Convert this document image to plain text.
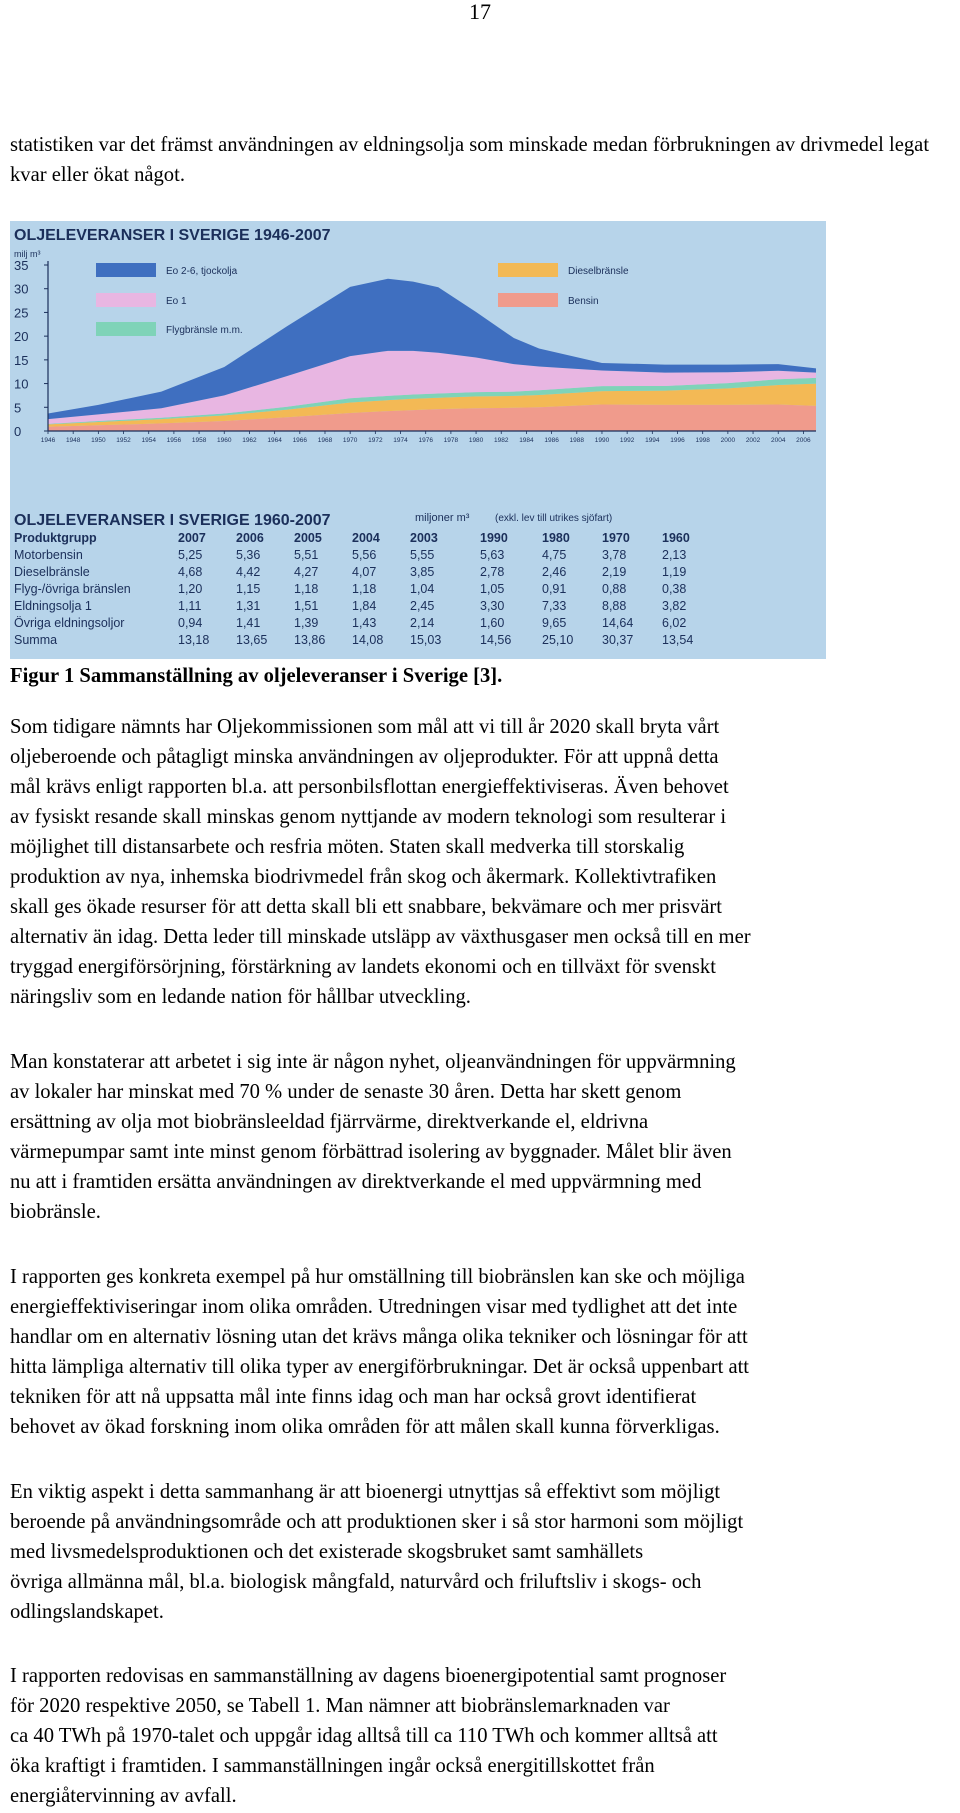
17

statistiken var det främst användningen av eldningsolja som minskade medan förbrukningen av drivmedel legat kvar eller ökat något.

OLJELEVERANSER I SVERIGE 1946-2007
milj m³
35
30
25
20
15
10
5
0
1946 1948 1950 1952 1954 1956 1958 1960 1962 1964 1966 1968 1970 1972 1974 1976 1978 1980 1982 1984 1986 1988 1990 1992 1994 1996 1998 2000 2002 2004 2006
Eo 2-6, tjockolja
Eo 1
Flygbränsle m.m.
Dieselbränsle
Bensin
OLJELEVERANSER I SVERIGE 1960-2007	miljoner m³	(exkl. lev till utrikes sjöfart)
Produktgrupp	2007 2006 2005 2004 2003	1990	1980	1970	1960
Motorbensin	5,25	5,36	5,51	5,56	5,55	5,63	4,75	3,78	2,13
Dieselbränsle	4,68	4,42	4,27	4,07	3,85	2,78	2,46	2,19	1,19
Flyg-/övriga bränslen	1,20	1,15	1,18	1,18	1,04	1,05	0,91	0,88	0,38
Eldningsolja 1	1,11	1,31	1,51	1,84	2,45	3,30	7,33	8,88	3,82
Övriga eldningsoljor	0,94	1,41	1,39	1,43	2,14	1,60	9,65	14,64 6,02
Summa	13,18 13,65 13,86 14,08 15,03	14,56 25,10 30,37 13,54
Figur 1 Sammanställning av oljeleveranser i Sverige [3].
Som tidigare nämnts har Oljekommissionen som mål att vi till år 2020 skall bryta vårt
oljeberoende och påtagligt minska användningen av oljeprodukter. För att uppnå detta
mål krävs enligt rapporten bl.a. att personbilsflottan energieffektiviseras. Även behovet
av fysiskt resande skall minskas genom nyttjande av modern teknologi som resulterar i
möjlighet till distansarbete och resfria möten. Staten skall medverka till storskalig
produktion av nya, inhemska biodrivmedel från skog och åkermark. Kollektivtrafiken
skall ges ökade resurser för att detta skall bli ett snabbare, bekvämare och mer prisvärt
alternativ än idag. Detta leder till minskade utsläpp av växthusgaser men också till en mer
tryggad energiförsörjning, förstärkning av landets ekonomi och en tillväxt för svenskt
näringsliv som en ledande nation för hållbar utveckling.
Man konstaterar att arbetet i sig inte är någon nyhet, oljeanvändningen för uppvärmning
av lokaler har minskat med 70 % under de senaste 30 åren. Detta har skett genom
ersättning av olja mot biobränsleeldad fjärrvärme, direktverkande el, eldrivna
värmepumpar samt inte minst genom förbättrad isolering av byggnader. Målet blir även
nu att i framtiden ersätta användningen av direktverkande el med uppvärmning med
biobränsle.
I rapporten ges konkreta exempel på hur omställning till biobränslen kan ske och möjliga
energieffektiviseringar inom olika områden. Utredningen visar med tydlighet att det inte
handlar om en alternativ lösning utan det krävs många olika tekniker och lösningar för att
hitta lämpliga alternativ till olika typer av energiförbrukningar. Det är också uppenbart att
tekniken för att nå uppsatta mål inte finns idag och man har också grovt identifierat
behovet av ökad forskning inom olika områden för att målen skall kunna förverkligas.
En viktig aspekt i detta sammanhang är att bioenergi utnyttjas så effektivt som möjligt
beroende på användningsområde och att produktionen sker i så stor harmoni som möjligt
med livsmedelsproduktionen och det existerade skogsbruket samt samhällets
övriga allmänna mål, bl.a. biologisk mångfald, naturvård och friluftsliv i skogs- och
odlingslandskapet.
I rapporten redovisas en sammanställning av dagens bioenergipotential samt prognoser
för 2020 respektive 2050, se Tabell 1. Man nämner att biobränslemarknaden var
ca 40 TWh på 1970-talet och uppgår idag alltså till ca 110 TWh och kommer alltså att
öka kraftigt i framtiden. I sammanställningen ingår också energitillskottet från
energiåtervinning av avfall.
